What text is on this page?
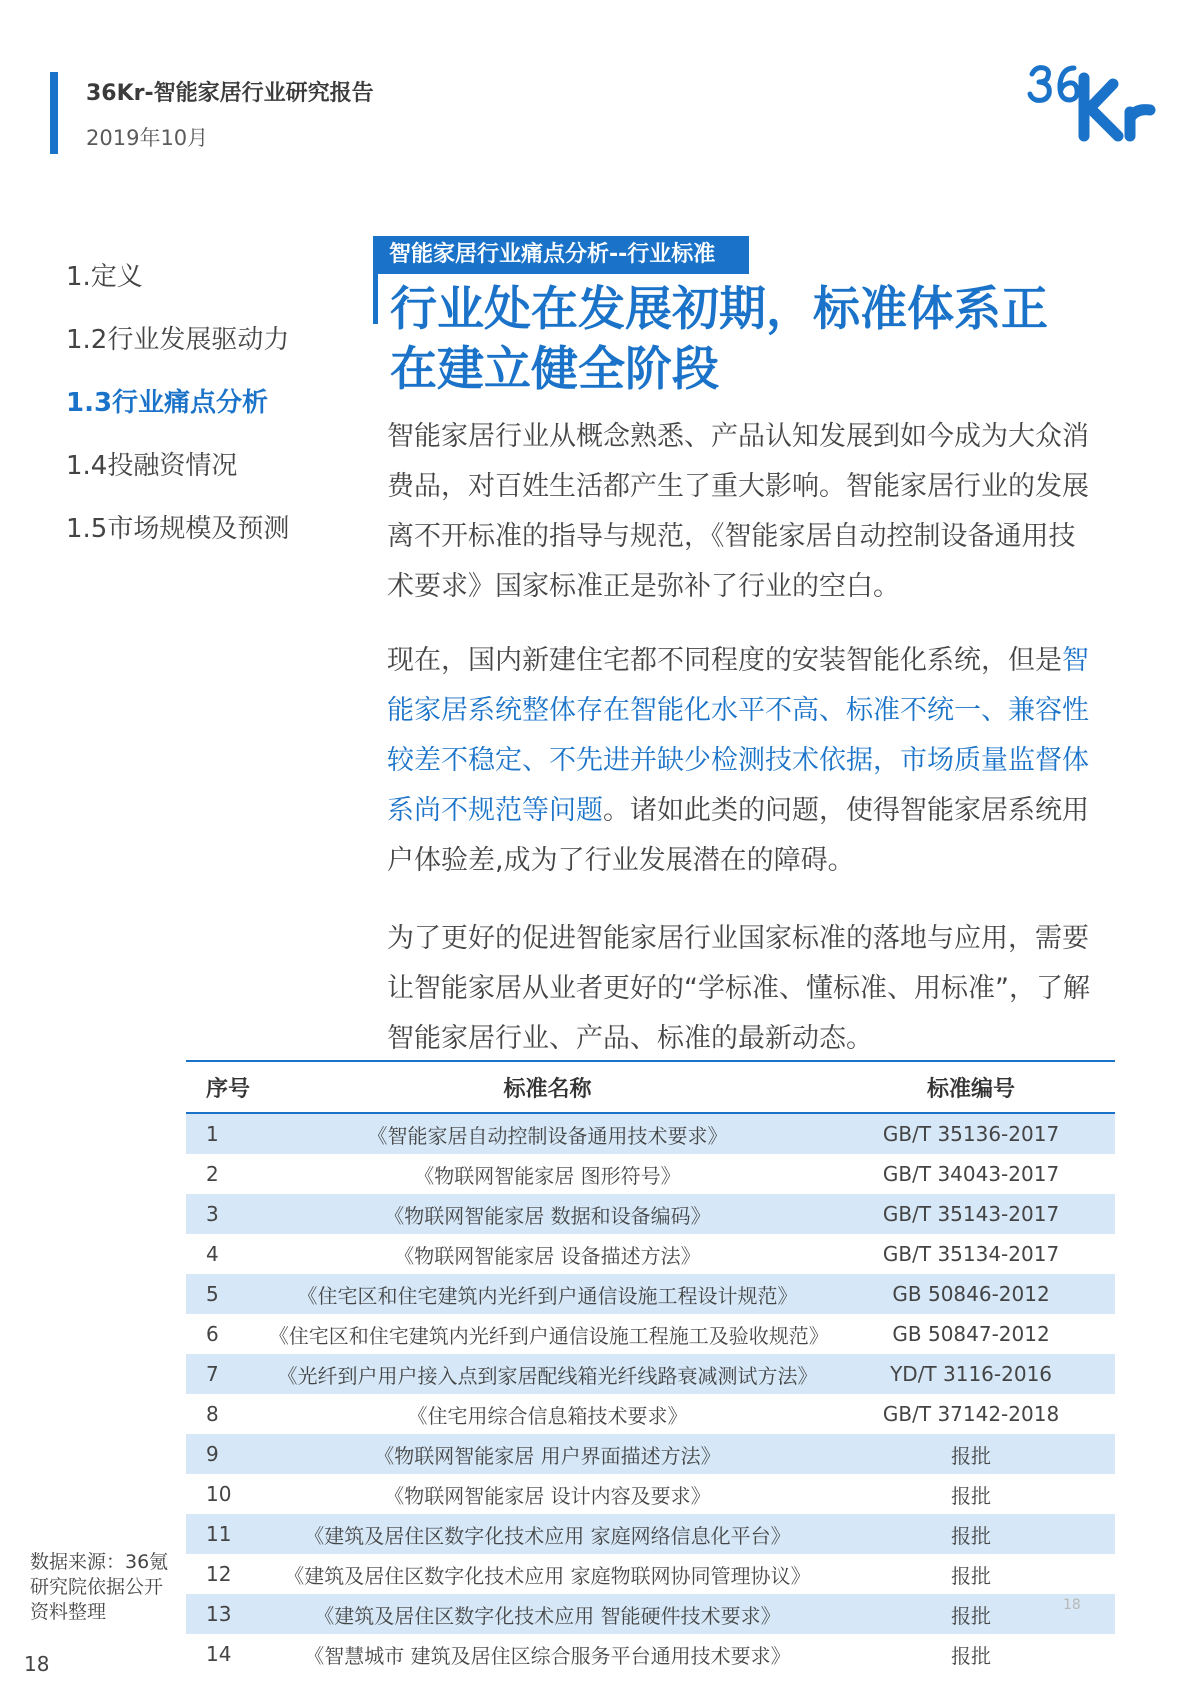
36Kr-智能家居行业研究报告
2019年10月
1.定义
1.2行业发展驱动力
1.3行业痛点分析
1.4投融资情况
1.5市场规模及预测
智能家居行业痛点分析--行业标准
行业处在发展初期，标准体系正
在建立健全阶段

智能家居行业从概念熟悉、产品认知发展到如今成为大众消费品，对百姓生活都产生了重大影响。智能家居行业的发展离不开标准的指导与规范，《智能家居自动控制设备通用技术要求》国家标准正是弥补了行业的空白。

现在，国内新建住宅都不同程度的安装智能化系统，但是智能家居系统整体存在智能化水平不高、标准不统一、兼容性较差不稳定、不先进并缺少检测技术依据，市场质量监督体系尚不规范等问题。诸如此类的问题，使得智能家居系统用户体验差,成为了行业发展潜在的障碍。

为了更好的促进智能家居行业国家标准的落地与应用，需要让智能家居从业者更好的“学标准、懂标准、用标准”，了解智能家居行业、产品、标准的最新动态。

序号	标准名称	标准编号
1	《智能家居自动控制设备通用技术要求》	GB/T 35136-2017
2	《物联网智能家居 图形符号》	GB/T 34043-2017
3	《物联网智能家居 数据和设备编码》	GB/T 35143-2017
4	《物联网智能家居 设备描述方法》	GB/T 35134-2017
5	《住宅区和住宅建筑内光纤到户通信设施工程设计规范》	GB 50846-2012
6	《住宅区和住宅建筑内光纤到户通信设施工程施工及验收规范》	GB 50847-2012
7	《光纤到户用户接入点到家居配线箱光纤线路衰减测试方法》	YD/T 3116-2016
8	《住宅用综合信息箱技术要求》	GB/T 37142-2018
9	《物联网智能家居 用户界面描述方法》	报批
10	《物联网智能家居 设计内容及要求》	报批
11	《建筑及居住区数字化技术应用 家庭网络信息化平台》	报批
12	《建筑及居住区数字化技术应用 家庭物联网协同管理协议》	报批
13	《建筑及居住区数字化技术应用 智能硬件技术要求》	报批
14	《智慧城市 建筑及居住区综合服务平台通用技术要求》	报批
数据来源：36氪研究院依据公开资料整理
18
18
